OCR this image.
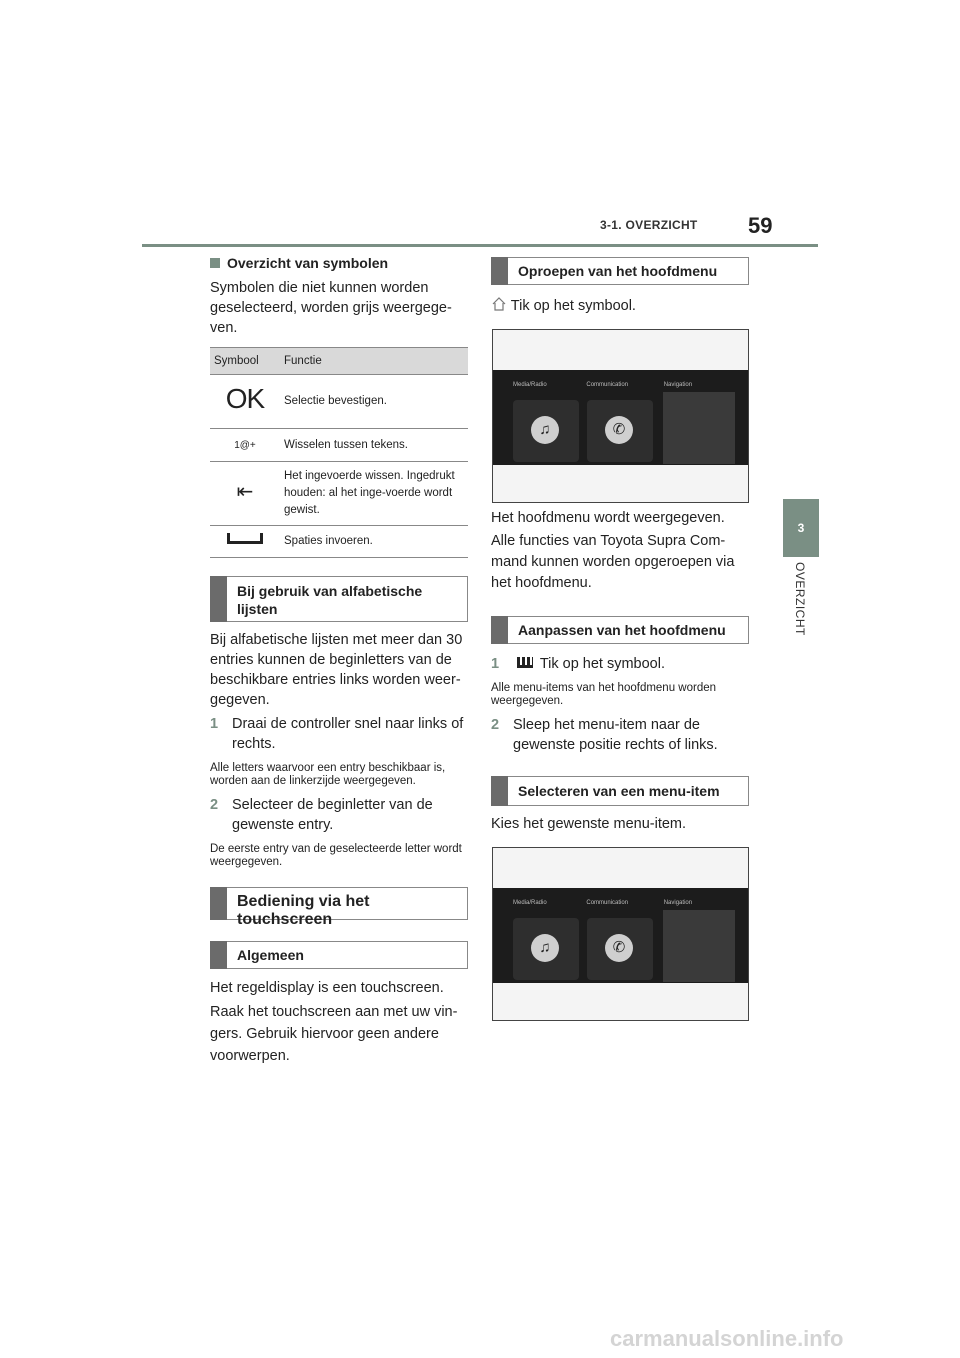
3-1. OVERZICHT 59
3
OVERZICHT
Overzicht van symbolen
Symbolen die niet kunnen worden geselecteerd, worden grijs weergege-ven.
Symbool	Functie
OK	Selectie bevestigen.
1@+	Wisselen tussen tekens.
⇤	Het ingevoerde wissen. Ingedrukt houden: al het inge-voerde wordt gewist.
	Spaties invoeren.
Bij gebruik van alfabetische lijsten
Bij alfabetische lijsten met meer dan 30 entries kunnen de beginletters van de beschikbare entries links worden weer-gegeven.
1 Draai de controller snel naar links of rechts.
Alle letters waarvoor een entry beschikbaar is, worden aan de linkerzijde weergegeven.
2 Selecteer de beginletter van de gewenste entry.
De eerste entry van de geselecteerde letter wordt weergegeven.
Bediening via het touchscreen
Algemeen
Het regeldisplay is een touchscreen.
Raak het touchscreen aan met uw vin-gers. Gebruik hiervoor geen andere voorwerpen.
Oproepen van het hoofdmenu
Tik op het symbool.
Media/Radio	Communication	Navigation
♫	✆
Het hoofdmenu wordt weergegeven.
Alle functies van Toyota Supra Com-mand kunnen worden opgeroepen via het hoofdmenu.
Aanpassen van het hoofdmenu
1	Tik op het symbool.
Alle menu-items van het hoofdmenu worden weergegeven.
2 Sleep het menu-item naar de gewenste positie rechts of links.
Selecteren van een menu-item
Kies het gewenste menu-item.
Media/Radio	Communication	Navigation
♫	✆
carmanualsonline.info
